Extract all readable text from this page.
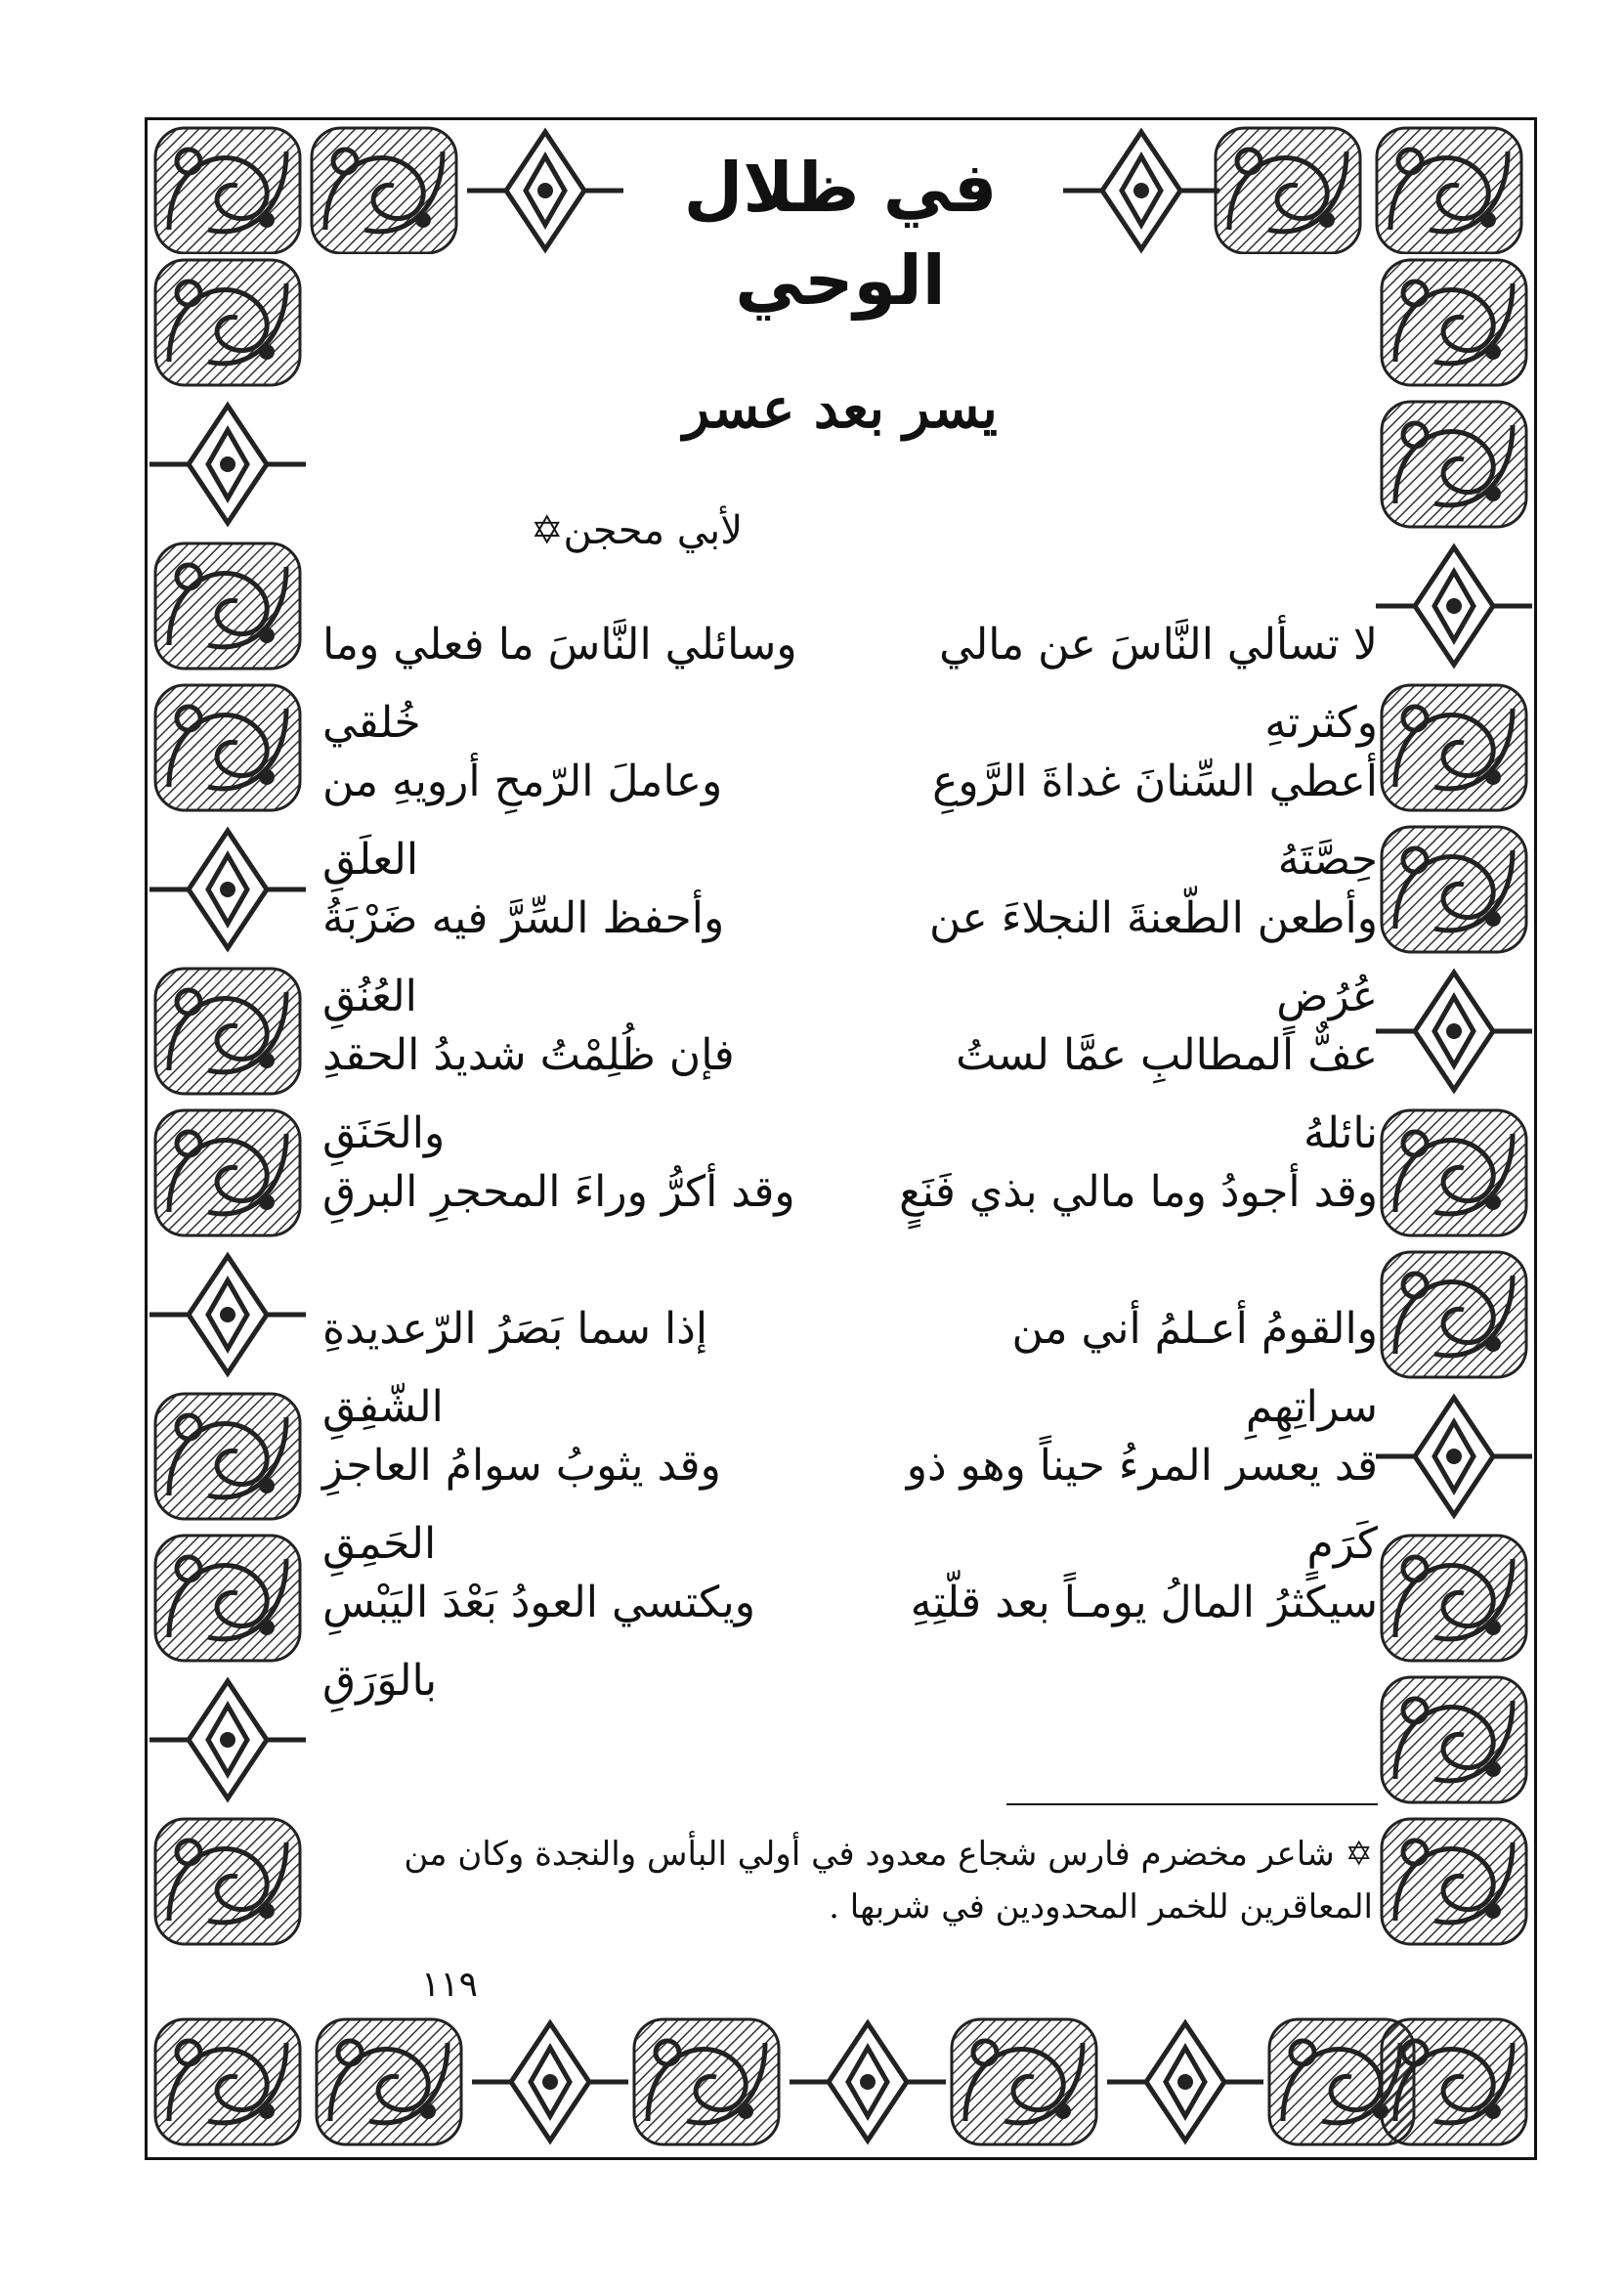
في ظلال الوحي
يسر بعد عسر
لأبي محجن✡
لا تسألي النَّاسَ عن مالي وكثرتهِ
وسائلي النَّاسَ ما فعلي وما خُلقي
أعطي السِّنانَ غداةَ الرَّوعِ حِصَّتَهُ
وعاملَ الرّمحِ أرويهِ من العلَقِ
وأطعن الطّعنةَ النجلاءَ عن عُرُضٍ
وأحفظ السِّرَّ فيه ضَرْبَةُ العُنُقِ
عفٌّ المطالبِ عمَّا لستُ نائلهُ
فإن ظُلِمْتُ شديدُ الحقدِ والحَنَقِ
وقد أجودُ وما مالي بذي فَنَعٍ
وقد أكرُّ وراءَ المحجرِ البرقِ
والقومُ أعـلمُ أني من سراتِهِمِ
إذا سما بَصَرُ الرّعديدةِ الشّفِقِ
قد يعسر المرءُ حيناً وهو ذو كَرَمٍ
وقد يثوبُ سوامُ العاجزِ الحَمِقِ
سيكثرُ المالُ يومـاً بعد قلّتِهِ
ويكتسي العودُ بَعْدَ اليَبْسِ بالوَرَقِ
✡ شاعر مخضرم فارس شجاع معدود في أولي البأس والنجدة وكان من المعاقرين للخمر المحدودين في شربها .
١١٩
